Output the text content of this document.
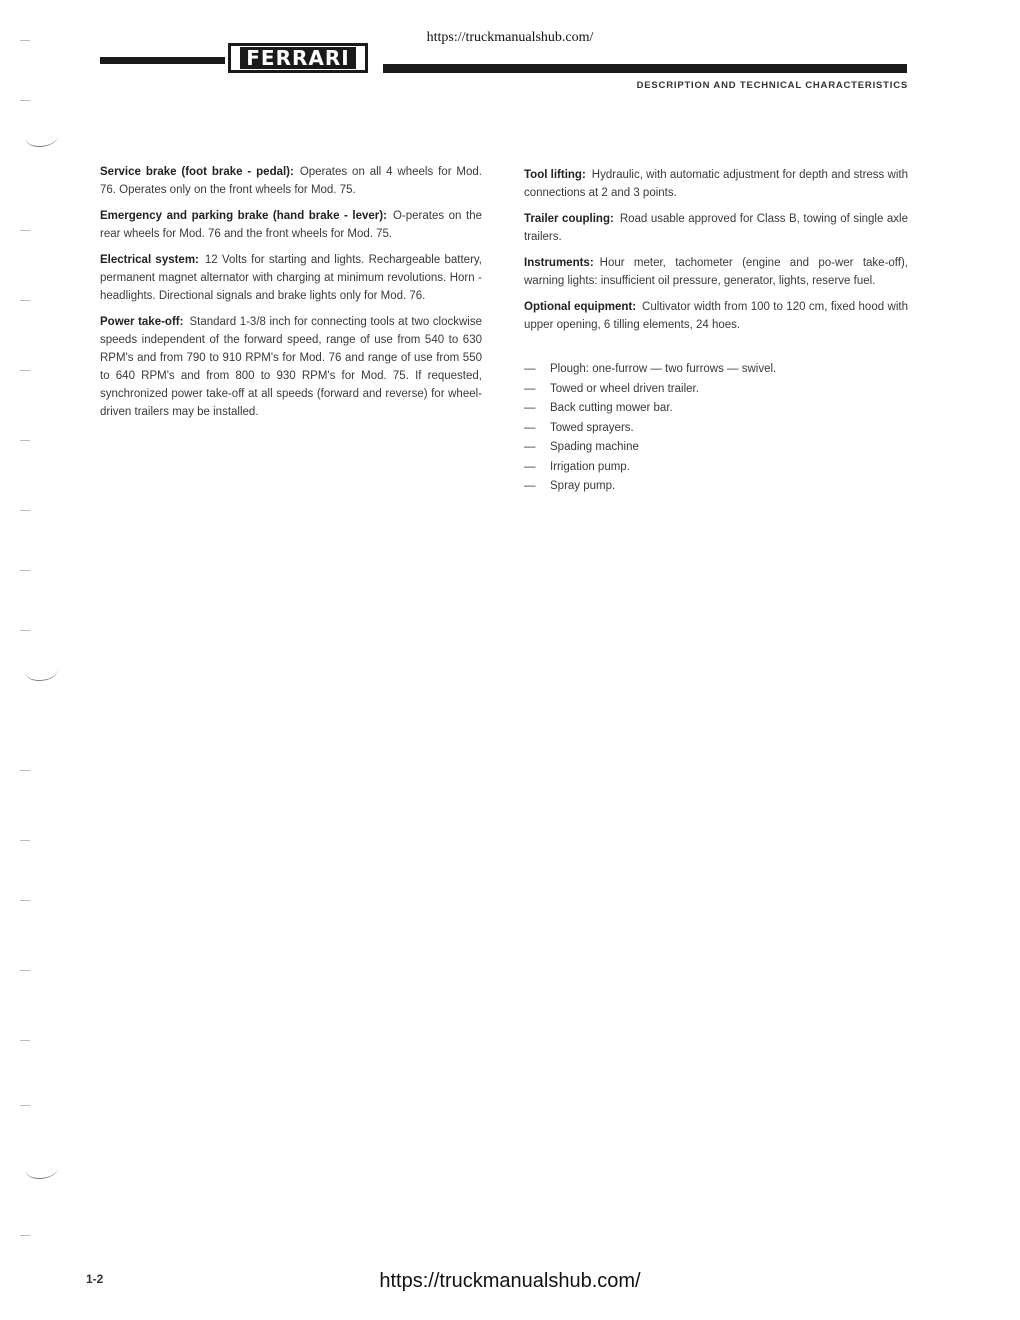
https://truckmanualshub.com/
FERRARI
DESCRIPTION AND TECHNICAL CHARACTERISTICS

Service brake (foot brake - pedal): Operates on all 4 wheels for Mod. 76. Operates only on the front wheels for Mod. 75.

Emergency and parking brake (hand brake - lever): O-perates on the rear wheels for Mod. 76 and the front wheels for Mod. 75.

Electrical system: 12 Volts for starting and lights. Rechargeable battery, permanent magnet alternator with charging at minimum revolutions. Horn - headlights. Directional signals and brake lights only for Mod. 76.

Power take-off: Standard 1-3/8 inch for connecting tools at two clockwise speeds independent of the forward speed, range of use from 540 to 630 RPM's and from 790 to 910 RPM's for Mod. 76 and range of use from 550 to 640 RPM's and from 800 to 930 RPM's for Mod. 75. If requested, synchronized power take-off at all speeds (forward and reverse) for wheel-driven trailers may be installed.

Tool lifting: Hydraulic, with automatic adjustment for depth and stress with connections at 2 and 3 points.

Trailer coupling: Road usable approved for Class B, towing of single axle trailers.

Instruments: Hour meter, tachometer (engine and po-wer take-off), warning lights: insufficient oil pressure, generator, lights, reserve fuel.

Optional equipment: Cultivator width from 100 to 120 cm, fixed hood with upper opening, 6 tilling elements, 24 hoes.

—	Plough: one-furrow — two furrows — swivel.
—	Towed or wheel driven trailer.
—	Back cutting mower bar.
—	Towed sprayers.
—	Spading machine
—	Irrigation pump.
—	Spray pump.
1-2	https://truckmanualshub.com/
